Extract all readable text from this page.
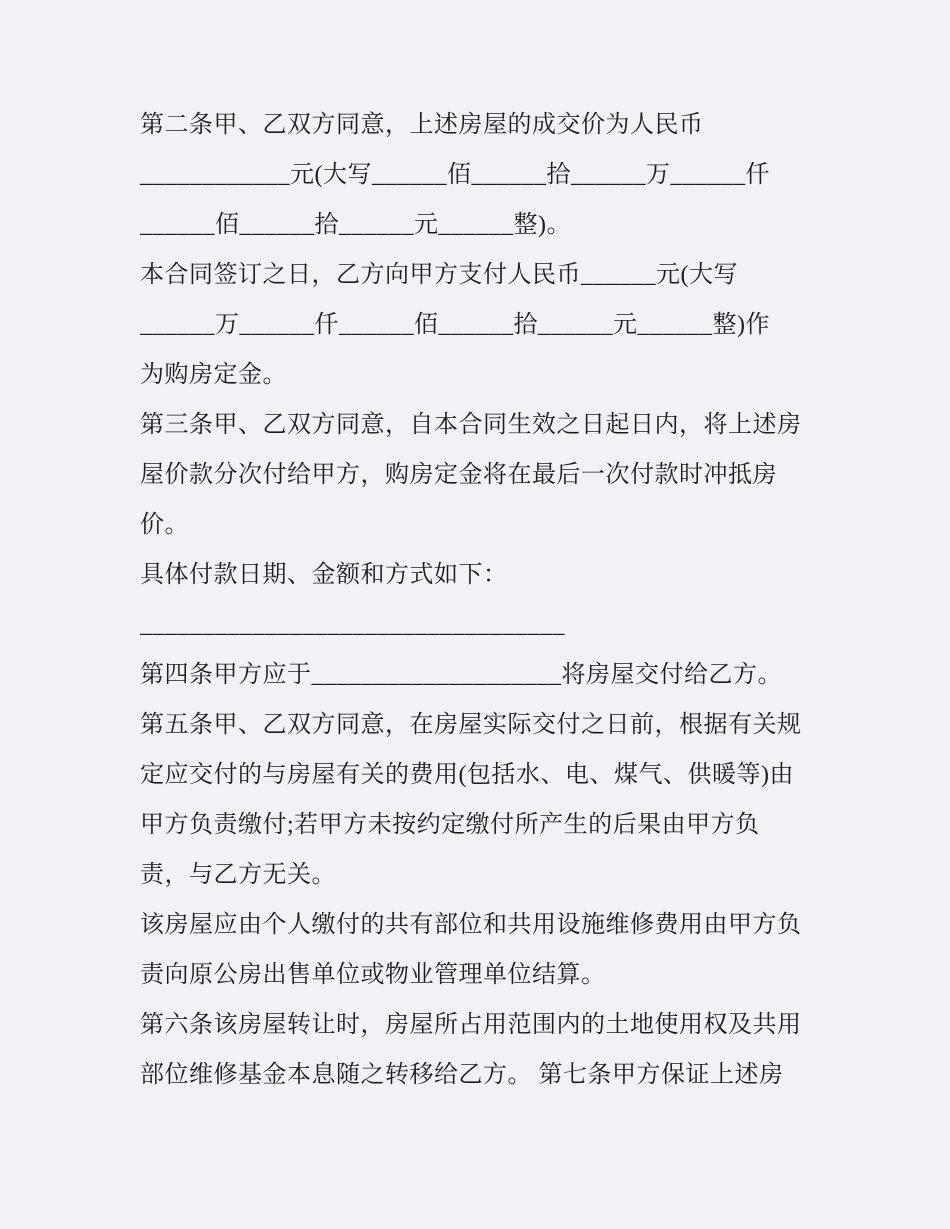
第二条甲、乙双方同意，上述房屋的成交价为人民币
____________元(大写______佰______拾______万______仟
______佰______拾______元______整)。
本合同签订之日，乙方向甲方支付人民币______元(大写
______万______仟______佰______拾______元______整)作
为购房定金。
第三条甲、乙双方同意，自本合同生效之日起日内，将上述房
屋价款分次付给甲方，购房定金将在最后一次付款时冲抵房
价。
具体付款日期、金额和方式如下：
__________________________________
第四条甲方应于____________________将房屋交付给乙方。
第五条甲、乙双方同意，在房屋实际交付之日前，根据有关规
定应交付的与房屋有关的费用(包括水、电、煤气、供暖等)由
甲方负责缴付;若甲方未按约定缴付所产生的后果由甲方负
责，与乙方无关。
该房屋应由个人缴付的共有部位和共用设施维修费用由甲方负
责向原公房出售单位或物业管理单位结算。
第六条该房屋转让时，房屋所占用范围内的土地使用权及共用
部位维修基金本息随之转移给乙方。 第七条甲方保证上述房
